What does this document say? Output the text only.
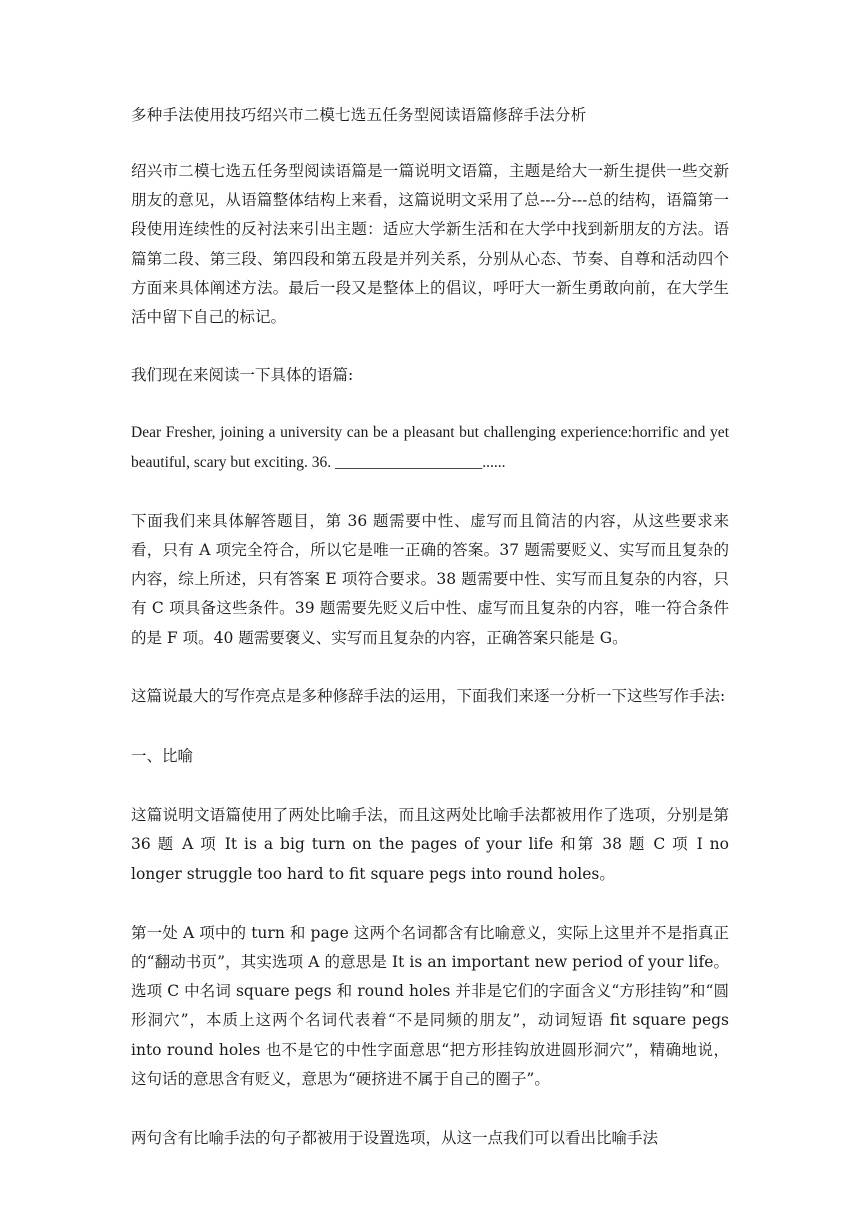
多种手法使用技巧绍兴市二模七选五任务型阅读语篇修辞手法分析

绍兴市二模七选五任务型阅读语篇是一篇说明文语篇，主题是给大一新生提供一些交新朋友的意见，从语篇整体结构上来看，这篇说明文采用了总---分---总的结构，语篇第一段使用连续性的反衬法来引出主题：适应大学新生活和在大学中找到新朋友的方法。语篇第二段、第三段、第四段和第五段是并列关系，分别从心态、节奏、自尊和活动四个方面来具体阐述方法。最后一段又是整体上的倡议，呼吁大一新生勇敢向前，在大学生活中留下自己的标记。

我们现在来阅读一下具体的语篇:

Dear Fresher, joining a university can be a pleasant but challenging experience:horrific and yet beautiful, scary but exciting. 36. ___________________......

下面我们来具体解答题目，第 36 题需要中性、虚写而且简洁的内容，从这些要求来看，只有 A 项完全符合，所以它是唯一正确的答案。37 题需要贬义、实写而且复杂的内容，综上所述，只有答案 E 项符合要求。38 题需要中性、实写而且复杂的内容，只有 C 项具备这些条件。39 题需要先贬义后中性、虚写而且复杂的内容，唯一符合条件的是 F 项。40 题需要褒义、实写而且复杂的内容，正确答案只能是 G。

这篇说最大的写作亮点是多种修辞手法的运用，下面我们来逐一分析一下这些写作手法:

一、比喻

这篇说明文语篇使用了两处比喻手法，而且这两处比喻手法都被用作了选项，分别是第 36 题 A 项 It is a big turn on the pages of your life 和第 38 题 C 项 I no longer struggle too hard to fit square pegs into round holes。

第一处 A 项中的 turn 和 page 这两个名词都含有比喻意义，实际上这里并不是指真正的“翻动书页”，其实选项 A 的意思是 It is an important new period of your life。选项 C 中名词 square pegs 和 round holes 并非是它们的字面含义“方形挂钩”和“圆形洞穴”，本质上这两个名词代表着“不是同频的朋友”，动词短语 fit square pegs into round holes 也不是它的中性字面意思“把方形挂钩放进圆形洞穴”，精确地说，这句话的意思含有贬义，意思为“硬挤进不属于自己的圈子”。

两句含有比喻手法的句子都被用于设置选项，从这一点我们可以看出比喻手法
